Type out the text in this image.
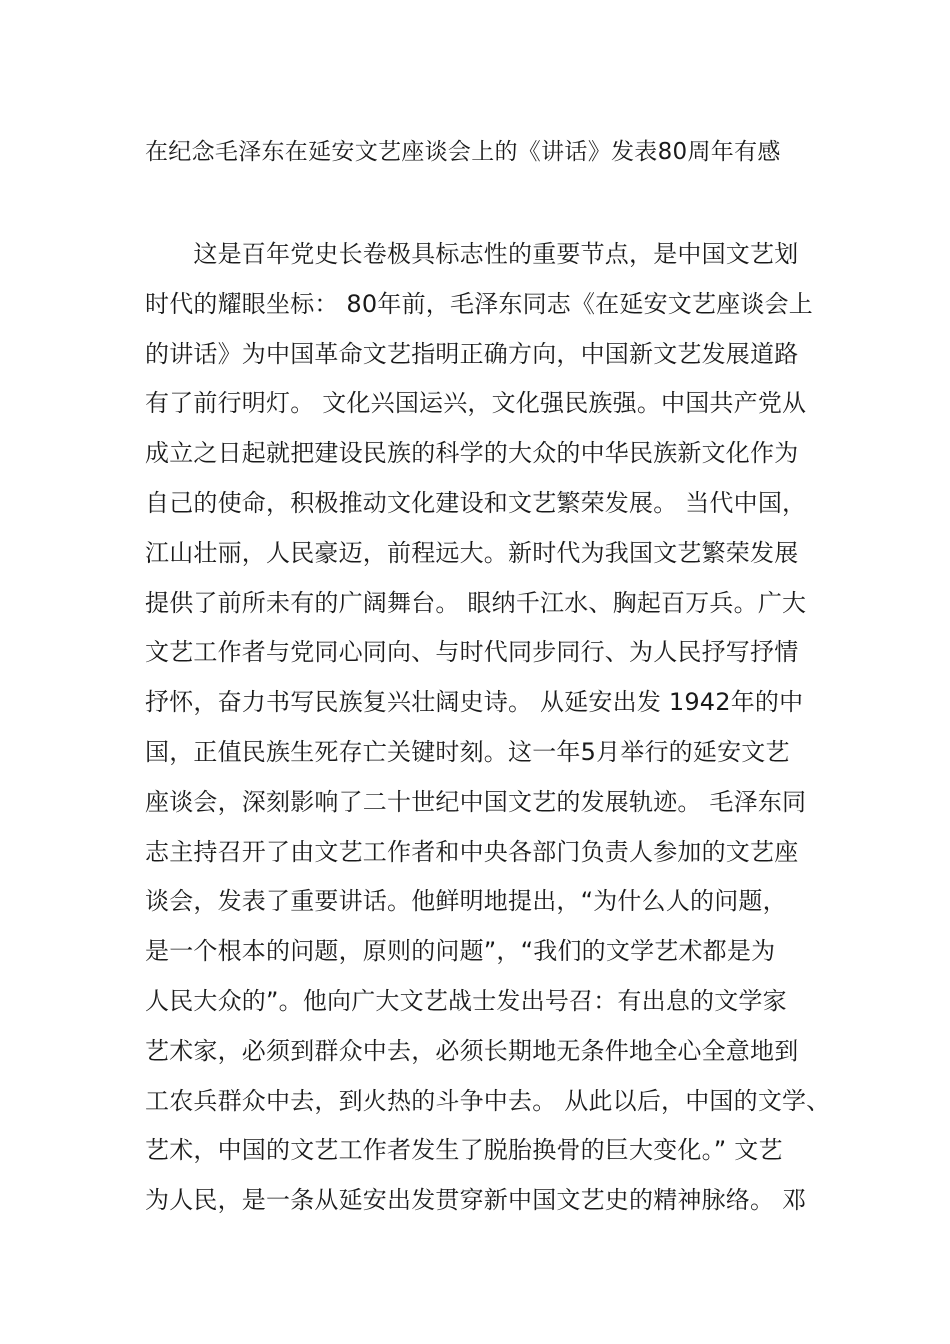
在纪念毛泽东在延安文艺座谈会上的《讲话》发表80周年有感
　　这是百年党史长卷极具标志性的重要节点，是中国文艺划
时代的耀眼坐标： 80年前，毛泽东同志《在延安文艺座谈会上
的讲话》为中国革命文艺指明正确方向，中国新文艺发展道路
有了前行明灯。 文化兴国运兴，文化强民族强。中国共产党从
成立之日起就把建设民族的科学的大众的中华民族新文化作为
自己的使命，积极推动文化建设和文艺繁荣发展。 当代中国，
江山壮丽，人民豪迈，前程远大。新时代为我国文艺繁荣发展
提供了前所未有的广阔舞台。 眼纳千江水、胸起百万兵。广大
文艺工作者与党同心同向、与时代同步同行、为人民抒写抒情
抒怀，奋力书写民族复兴壮阔史诗。 从延安出发 1942年的中
国，正值民族生死存亡关键时刻。这一年5月举行的延安文艺
座谈会，深刻影响了二十世纪中国文艺的发展轨迹。 毛泽东同
志主持召开了由文艺工作者和中央各部门负责人参加的文艺座
谈会，发表了重要讲话。他鲜明地提出，“为什么人的问题，
是一个根本的问题，原则的问题”，“我们的文学艺术都是为
人民大众的”。他向广大文艺战士发出号召：有出息的文学家
艺术家，必须到群众中去，必须长期地无条件地全心全意地到
工农兵群众中去，到火热的斗争中去。 从此以后，中国的文学、
艺术，中国的文艺工作者发生了脱胎换骨的巨大变化。” 文艺
为人民，是一条从延安出发贯穿新中国文艺史的精神脉络。 邓
